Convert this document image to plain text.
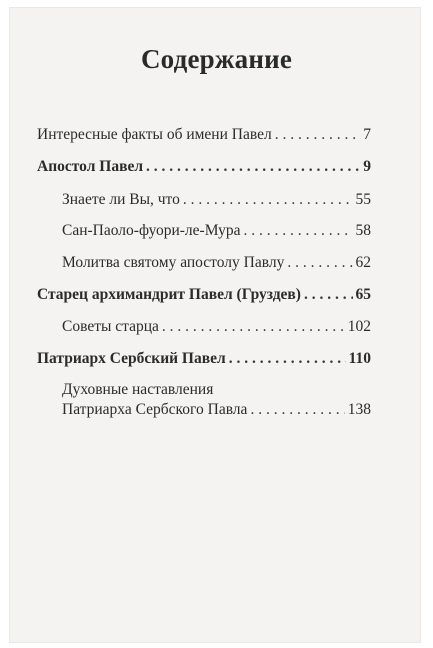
Содержание
Интересные факты об имени Павел . . .	7
Апостол Павел . . .	9
Знаете ли Вы, что . . .	55
Сан-Паоло-фуори-ле-Мура . . .	58
Молитва святому апостолу Павлу . . .	62
Старец архимандрит Павел (Груздев) . . .	65
Советы старца . . .	102
Патриарх Сербский Павел . . .	110
Духовные наставления
Патриарха Сербского Павла . . .	138
